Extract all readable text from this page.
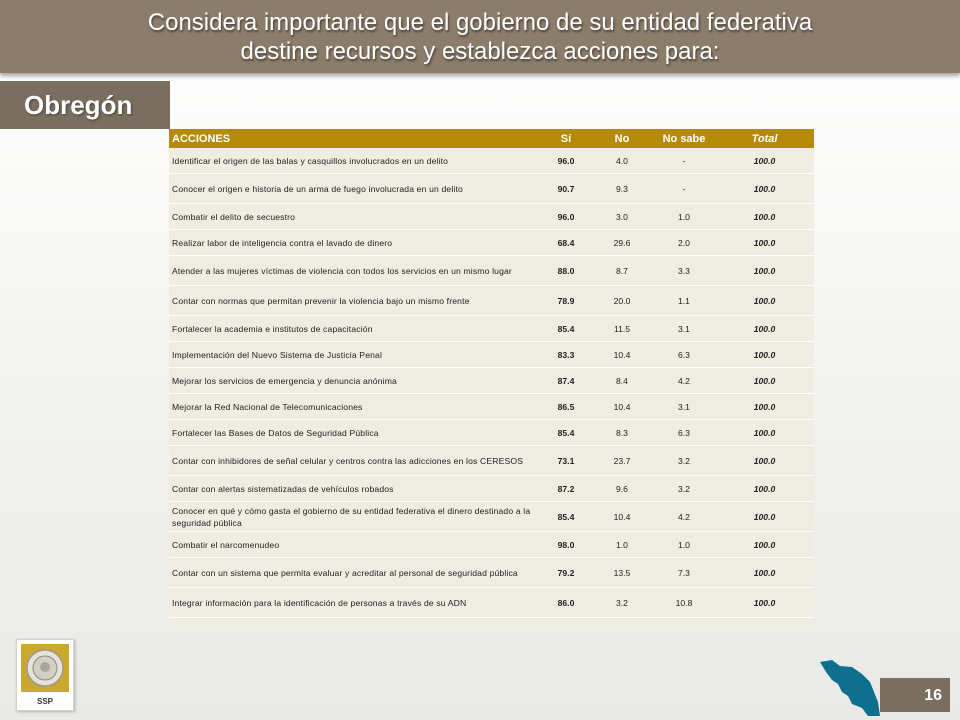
Considera importante que el gobierno de su entidad federativa
destine recursos y establezca acciones para:
Obregón
ACCIONES	Sí	No	No sabe	Total
Identificar el origen de las balas y casquillos involucrados en un delito	96.0	4.0	-	100.0
Conocer el origen e historia de un arma de fuego involucrada en un delito	90.7	9.3	-	100.0
Combatir el delito de secuestro	96.0	3.0	1.0	100.0
Realizar labor de inteligencia contra el lavado de dinero	68.4	29.6	2.0	100.0
Atender a las mujeres víctimas de violencia con todos los servicios en un mismo lugar	88.0	8.7	3.3	100.0
Contar con normas que permitan prevenir la violencia bajo un mismo frente	78.9	20.0	1.1	100.0
Fortalecer la academia e institutos de capacitación	85.4	11.5	3.1	100.0
Implementación del Nuevo Sistema de Justicia Penal	83.3	10.4	6.3	100.0
Mejorar los servicios de emergencia y denuncia anónima	87.4	8.4	4.2	100.0
Mejorar la Red Nacional de Telecomunicaciones	86.5	10.4	3.1	100.0
Fortalecer las Bases de Datos de Seguridad Pública	85.4	8.3	6.3	100.0
Contar con inhibidores de señal celular y centros contra las adicciones en los CERESOS	73.1	23.7	3.2	100.0
Contar con alertas sistematizadas de vehículos robados	87.2	9.6	3.2	100.0
Conocer en qué y cómo gasta el gobierno de su entidad federativa el dinero destinado a la seguridad pública	85.4	10.4	4.2	100.0
Combatir el narcomenudeo	98.0	1.0	1.0	100.0
Contar con un sistema que permita evaluar y acreditar al personal de seguridad pública	79.2	13.5	7.3	100.0
Integrar información para la identificación de personas a través de su ADN	86.0	3.2	10.8	100.0
SSP	16
